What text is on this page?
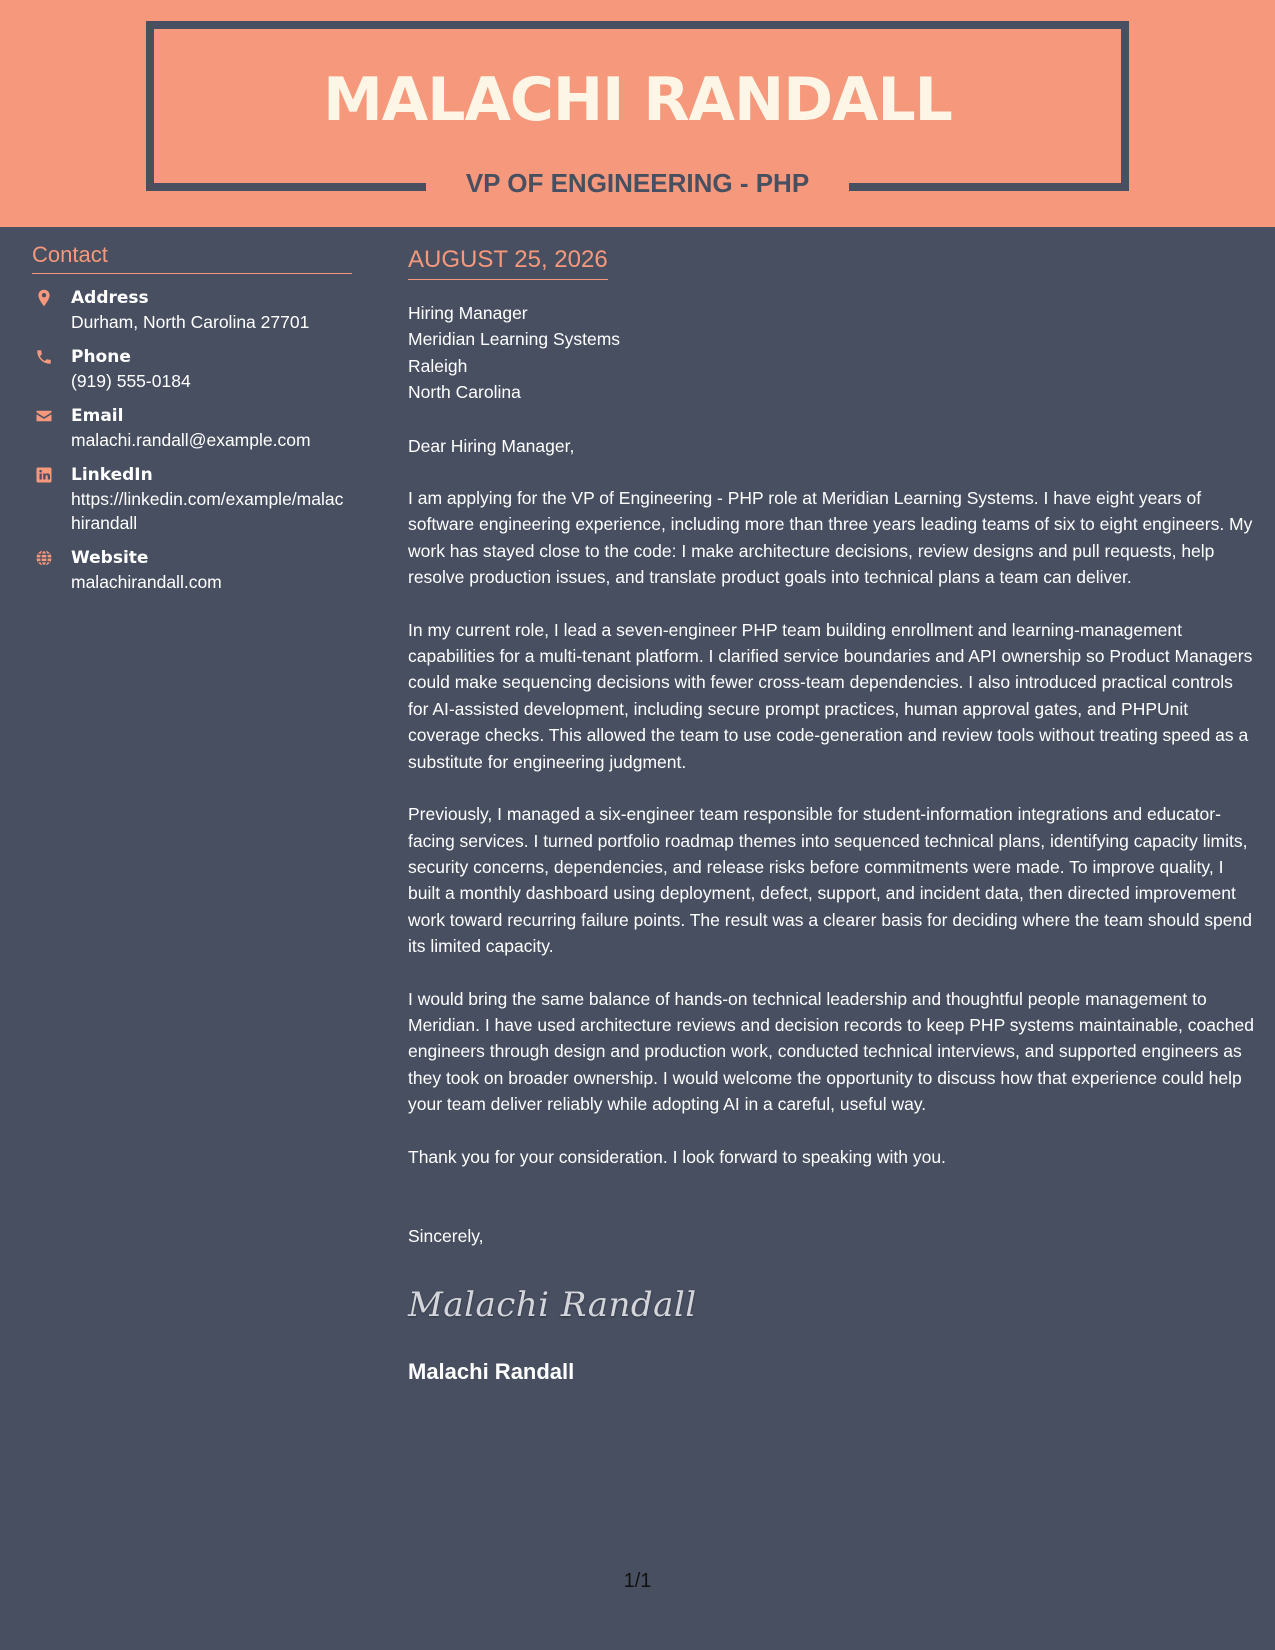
MALACHI RANDALL
VP OF ENGINEERING - PHP
Contact
Address
Durham, North Carolina 27701
Phone
(919) 555-0184
Email
malachi.randall@example.com
LinkedIn
https://linkedin.com/example/malachirandall
Website
malachirandall.com
AUGUST 25, 2026
Hiring Manager
Meridian Learning Systems
Raleigh
North Carolina
Dear Hiring Manager,

I am applying for the VP of Engineering - PHP role at Meridian Learning Systems. I have eight years of software engineering experience, including more than three years leading teams of six to eight engineers. My work has stayed close to the code: I make architecture decisions, review designs and pull requests, help resolve production issues, and translate product goals into technical plans a team can deliver.

In my current role, I lead a seven-engineer PHP team building enrollment and learning-management capabilities for a multi-tenant platform. I clarified service boundaries and API ownership so Product Managers could make sequencing decisions with fewer cross-team dependencies. I also introduced practical controls for AI-assisted development, including secure prompt practices, human approval gates, and PHPUnit coverage checks. This allowed the team to use code-generation and review tools without treating speed as a substitute for engineering judgment.

Previously, I managed a six-engineer team responsible for student-information integrations and educator-facing services. I turned portfolio roadmap themes into sequenced technical plans, identifying capacity limits, security concerns, dependencies, and release risks before commitments were made. To improve quality, I built a monthly dashboard using deployment, defect, support, and incident data, then directed improvement work toward recurring failure points. The result was a clearer basis for deciding where the team should spend its limited capacity.

I would bring the same balance of hands-on technical leadership and thoughtful people management to Meridian. I have used architecture reviews and decision records to keep PHP systems maintainable, coached engineers through design and production work, conducted technical interviews, and supported engineers as they took on broader ownership. I would welcome the opportunity to discuss how that experience could help your team deliver reliably while adopting AI in a careful, useful way.

Thank you for your consideration. I look forward to speaking with you.

Sincerely,
Malachi Randall
Malachi Randall
1/1
